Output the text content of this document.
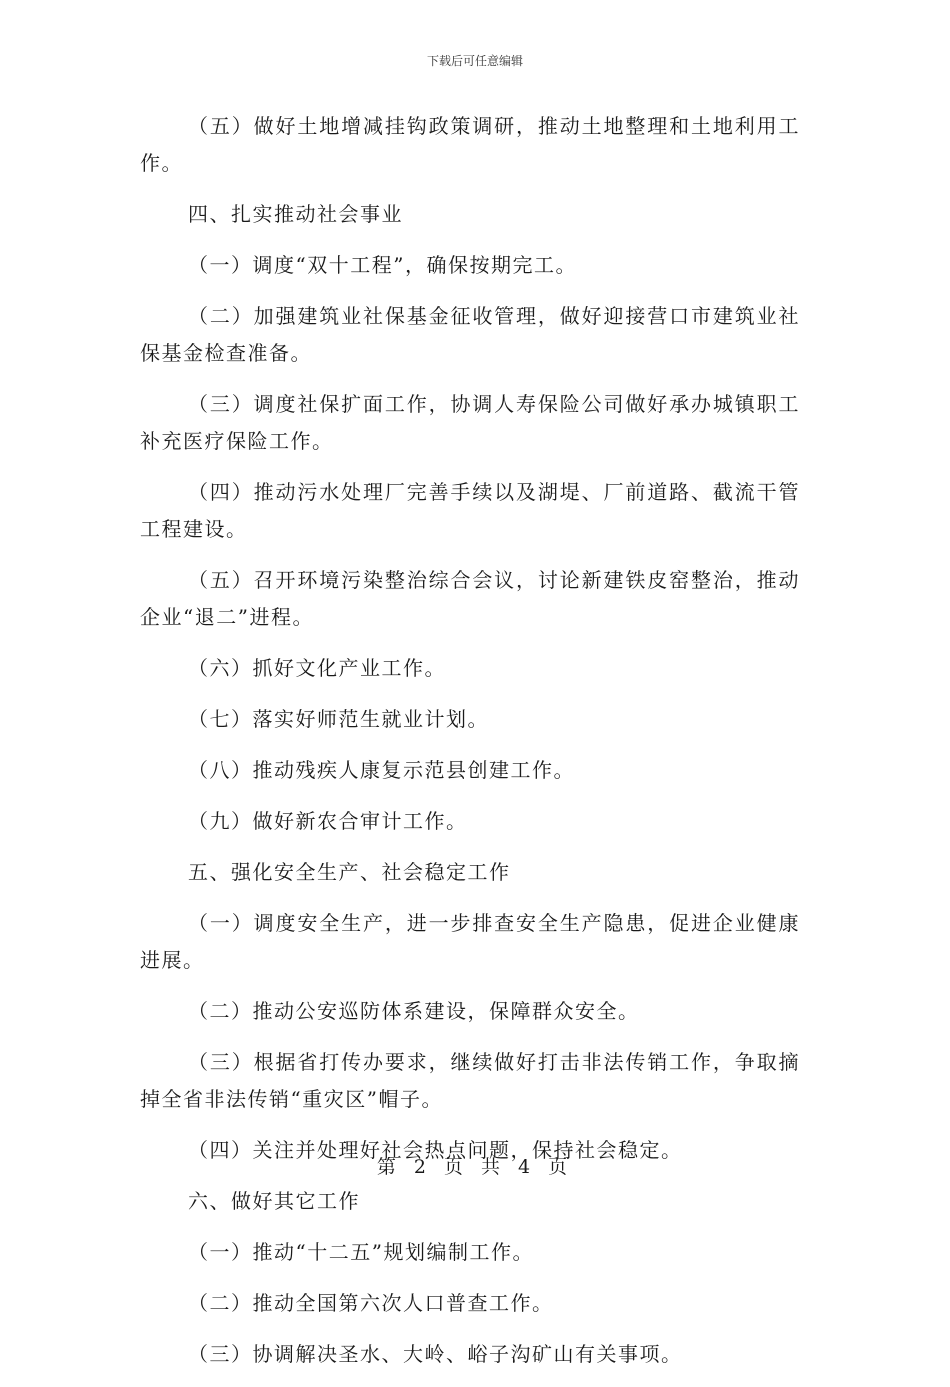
下载后可任意编辑

（五）做好土地增减挂钩政策调研，推动土地整理和土地利用工作。

四、扎实推动社会事业

（一）调度“双十工程”，确保按期完工。

（二）加强建筑业社保基金征收管理，做好迎接营口市建筑业社保基金检查准备。

（三）调度社保扩面工作，协调人寿保险公司做好承办城镇职工补充医疗保险工作。

（四）推动污水处理厂完善手续以及湖堤、厂前道路、截流干管工程建设。

（五）召开环境污染整治综合会议，讨论新建铁皮窑整治，推动企业“退二”进程。

（六）抓好文化产业工作。

（七）落实好师范生就业计划。

（八）推动残疾人康复示范县创建工作。

（九）做好新农合审计工作。

五、强化安全生产、社会稳定工作

（一）调度安全生产，进一步排查安全生产隐患，促进企业健康进展。

（二）推动公安巡防体系建设，保障群众安全。

（三）根据省打传办要求，继续做好打击非法传销工作，争取摘掉全省非法传销“重灾区”帽子。

（四）关注并处理好社会热点问题，保持社会稳定。

六、做好其它工作

（一）推动“十二五”规划编制工作。

（二）推动全国第六次人口普查工作。

（三）协调解决圣水、大岭、峪子沟矿山有关事项。

第 2 页 共 4 页
